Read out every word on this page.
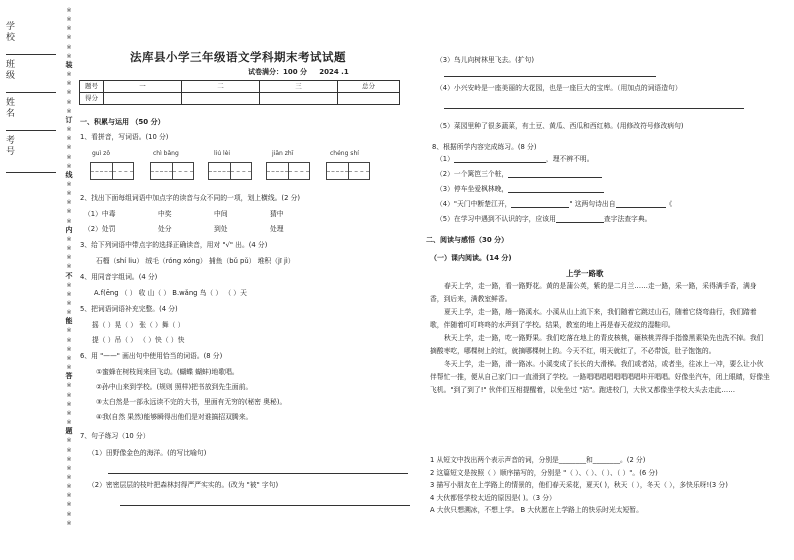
学 校
班 级
姓 名
考 号
※
※
※
※
※
※
装
※
※
※
※
※
订
※
※
※
※
※
线
※
※
※
※
※
内
※
※
※
※
不
※
※
※
※
能
※
※
※
※
※
答
※
※
※
※
※
题
※
※
※
※
※
※
※
※
※
※
法库县小学三年级语文学科期末考试试题
试卷满分：100 分 2024 .1
题号	一	二	三	总分
得分				
一、积累与运用 （50 分）
1、看拼音，写词语。(10 分)
guì zǒ	chì bǎng	liú lèi	jiān zhī	chéng shí
2、找出下面每组词语中加点字的读音与众不同的一项，划上横线。(2 分)
（1）中毒	中奖	中间	猜中
（2）处罚	处分	到处	处理
3、给下列词语中带点字的选择正确读音，用对 "√" 出。(4 分)
石榴（shí liu） 绒毛（róng xóng） 捕鱼（bǔ pǔ） 堆积（jī jì）
4、用同音字组词。(4 分)
A.f(ēng （ ） 收 山（ ） B.wǎng 鸟（ ） （ ）天
5、把词语词语补充完整。(4 分)
摇（ ）晃（ ） 张（ ）舞（ ）
提（ ）吊（ ） （ ）快（ ）快
6、用 "——" 画出句中使用恰当的词语。(8 分)
①蜜蜂在树枝间来回飞动。(蝴蝶 蝴蚌)地歌唱。
②孙中山来到学校。(规则 照样)把书放到先生面前。
③太白然是一部永远读不完的大书，里面有无穷的(秘密 奥秘)。
④我(自然 果然)能够瞬得出他们是对谁搞招双腾来。
7、句子练习（10 分）
（1）田野像金色的海洋。(的写比喻句)
（2）密密层层的枝叶把森林封得严严实实的。(改为 "被" 字句)
（3）鸟儿向树林里飞去。(扩句)
（4）小兴安岭是一座美丽的大花园，也是一座巨大的宝库。（用加点的词语造句）
（5）菜园里种了很多蔬菜，有土豆、黄瓜、西瓜和西红柿。(用修改符号修改病句)
8、根据所学内容完成练习。(8 分)
（1）	，理不辨不明。
（2）一个篱笆三个桩，
（3）停车坐爱枫林晚，
（4）"天门中断楚江开，	" 这两句诗出自	《
（5）在学习中遇到不认识的字，应该用	查字法查字典。
二、阅读与感悟（30 分）
（一）课内阅读。(14 分)
上学一路歌

春天上学，走一路，看一路野花。黄的是蒲公英，紫的是二月兰……走一路，采一路，采得满手香，满身香，到后来，满教室鲜香。

夏天上学，走一路，趟一路溪水。小溪从山上流下来，我们随着它跳过山石，随着它绕弯曲行，我们踏着歌，伴随着叮叮咚咚的水声到了学校。结果，教室的地上再是春天花纹的湿鞋印。

秋天上学，走一路，吃一路野果。我们吃落在地上的青皮核桃，砸核桃弄得手指像黑素染先也洗不掉。我们摘酸枣吃，哪棵树上的红，就摘哪棵树上的。今天不红，明天就红了，不必带饭，肚子饱饱的。

冬天上学，走一路，滑一路冰。小溪变成了长长的大滑梯。我们或者站，或者坐，往冰上一冲，要么让小伙伴帮忙一推，便从自己家门口一直滑到了学校。一路唱唱唱唱唱唱唱唱咔开唱唱。好像坐汽车，闭上眼睛，好像坐飞机。"到了到了!" 伙伴们互相提醒着，以免坐过 "站"。跑进校门，大伙又都像坐学校大头去走此……

1 从短文中找出两个表示声音的词，分别是________和________。(2 分)
2 这篇短文是按照（ ）顺序描写的，分别是 "（ ）、（ ）、（ ）、（ ）"。(6 分)
3 描写小朋友在上学路上的情景的，他们春天采花，夏天( )，秋天（ ），冬天（ ），多快乐呀!(3 分)
4 大伙都怪学校太近的原因是( )。（3 分）
A 大伙只想溯冰，不想上学。 B 大伙愿在上学路上的快乐时光太短暂。
